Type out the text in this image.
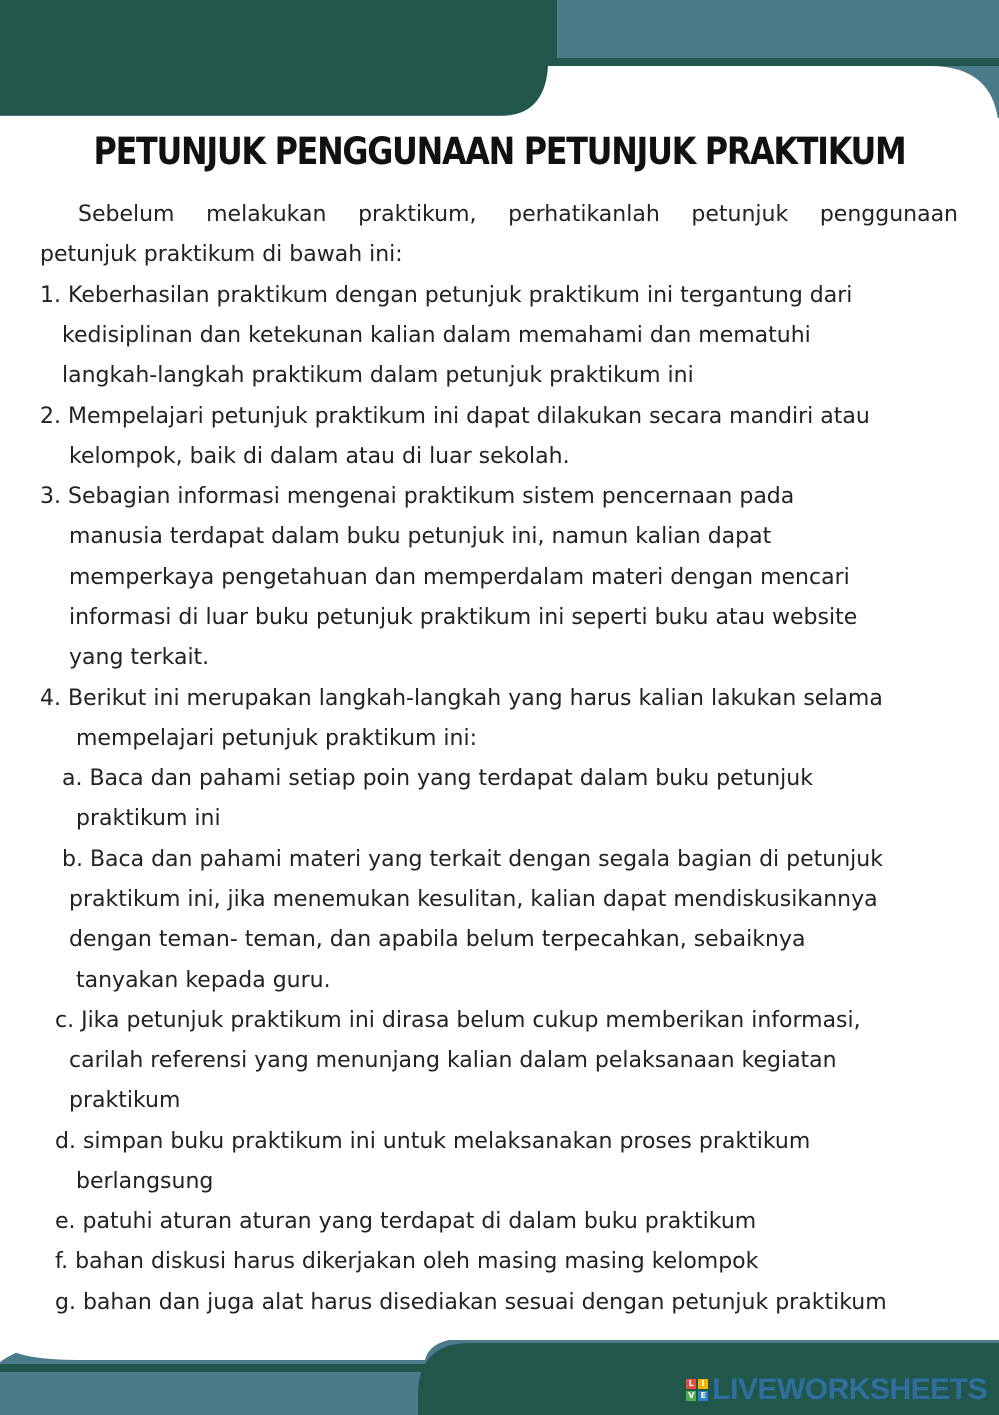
PETUNJUK PENGGUNAAN PETUNJUK PRAKTIKUM
Sebelum melakukan praktikum, perhatikanlah petunjuk penggunaan
petunjuk praktikum di bawah ini:
1. Keberhasilan praktikum dengan petunjuk praktikum ini tergantung dari
kedisiplinan dan ketekunan kalian dalam memahami dan mematuhi
langkah-langkah praktikum dalam petunjuk praktikum ini
2. Mempelajari petunjuk praktikum ini dapat dilakukan secara mandiri atau
kelompok, baik di dalam atau di luar sekolah.
3. Sebagian informasi mengenai praktikum sistem pencernaan pada
manusia terdapat dalam buku petunjuk ini, namun kalian dapat
memperkaya pengetahuan dan memperdalam materi dengan mencari
informasi di luar buku petunjuk praktikum ini seperti buku atau website
yang terkait.
4. Berikut ini merupakan langkah-langkah yang harus kalian lakukan selama
mempelajari petunjuk praktikum ini:
a. Baca dan pahami setiap poin yang terdapat dalam buku petunjuk
praktikum ini
b. Baca dan pahami materi yang terkait dengan segala bagian di petunjuk
praktikum ini, jika menemukan kesulitan, kalian dapat mendiskusikannya
dengan teman- teman, dan apabila belum terpecahkan, sebaiknya
tanyakan kepada guru.
c. Jika petunjuk praktikum ini dirasa belum cukup memberikan informasi,
carilah referensi yang menunjang kalian dalam pelaksanaan kegiatan
praktikum
d. simpan buku praktikum ini untuk melaksanakan proses praktikum
berlangsung
e. patuhi aturan aturan yang terdapat di dalam buku praktikum
f. bahan diskusi harus dikerjakan oleh masing masing kelompok
g. bahan dan juga alat harus disediakan sesuai dengan petunjuk praktikum
L I
V E LIVEWORKSHEETS
